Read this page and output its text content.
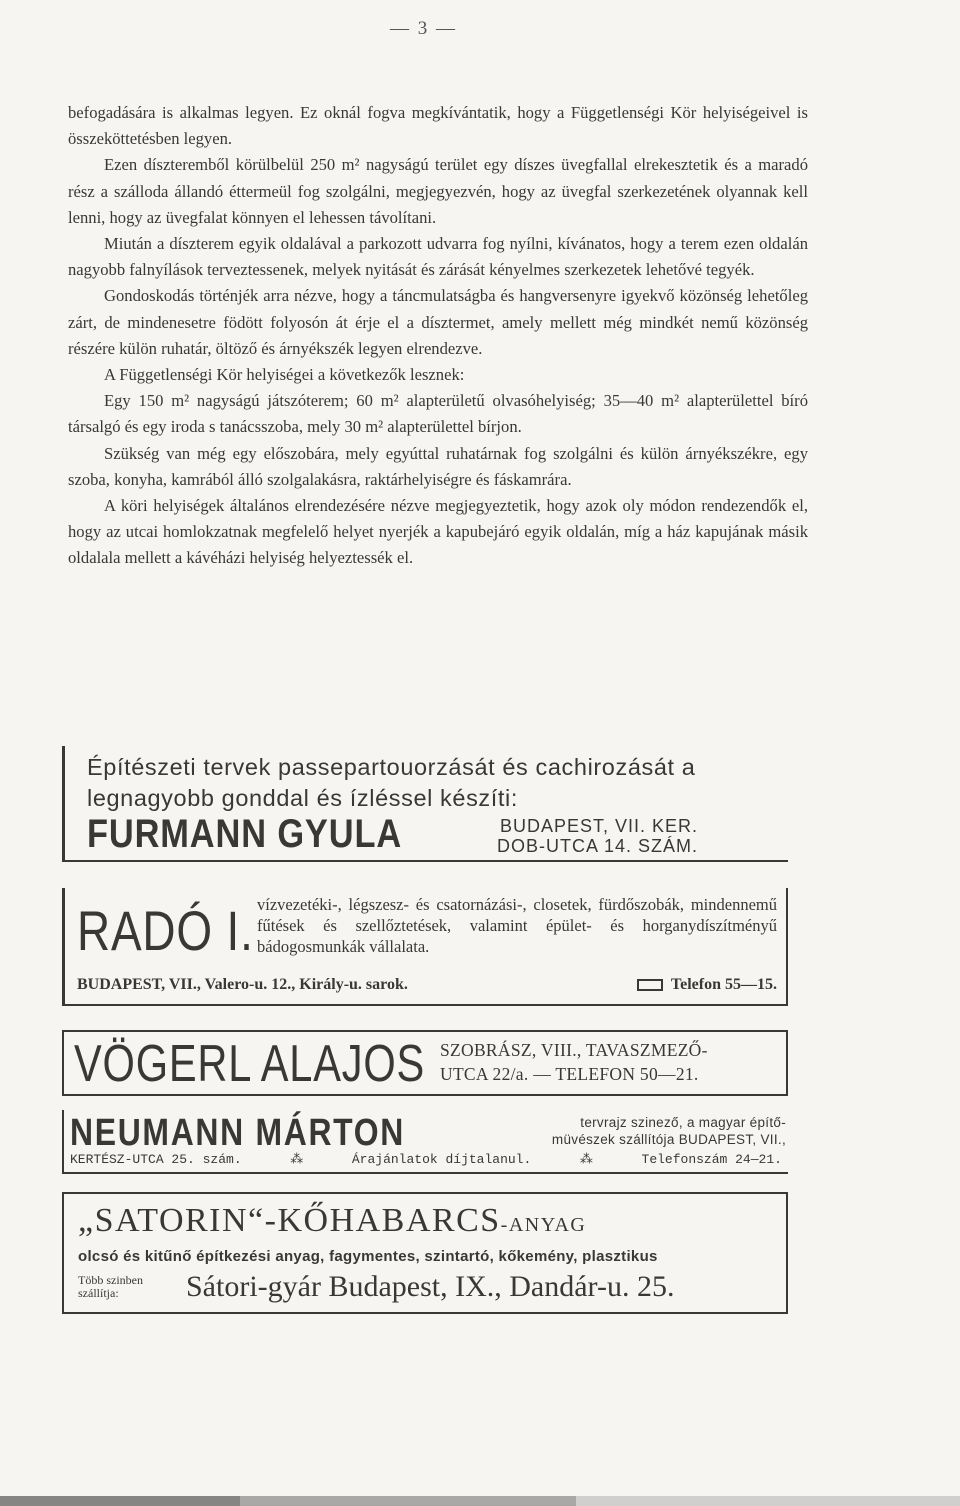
— 3 —

befogadására is alkalmas legyen. Ez oknál fogva megkívántatik, hogy a Függetlenségi Kör helyiségeivel is összeköttetésben legyen.

Ezen díszteremből körülbelül 250 m² nagyságú terület egy díszes üvegfallal elrekesztetik és a maradó rész a szálloda állandó éttermeül fog szolgálni, megjegyezvén, hogy az üvegfal szerkezetének olyannak kell lenni, hogy az üvegfalat könnyen el lehessen távolítani.

Miután a díszterem egyik oldalával a parkozott udvarra fog nyílni, kívánatos, hogy a terem ezen oldalán nagyobb falnyílások terveztessenek, melyek nyitását és zárását kényelmes szerkezetek lehetővé tegyék.

Gondoskodás történjék arra nézve, hogy a táncmulatságba és hangversenyre igyekvő közönség lehetőleg zárt, de mindenesetre födött folyosón át érje el a dísztermet, amely mellett még mindkét nemű közönség részére külön ruhatár, öltöző és árnyékszék legyen elrendezve.

A Függetlenségi Kör helyiségei a következők lesznek:

Egy 150 m² nagyságú játszóterem; 60 m² alapterületű olvasóhelyiség; 35—40 m² alapterülettel bíró társalgó és egy iroda s tanácsszoba, mely 30 m² alapterülettel bírjon.

Szükség van még egy előszobára, mely egyúttal ruhatárnak fog szolgálni és külön árnyékszékre, egy szoba, konyha, kamrából álló szolgalakásra, raktárhelyiségre és fáskamrára.

A köri helyiségek általános elrendezésére nézve megjegyeztetik, hogy azok oly módon rendezendők el, hogy az utcai homlokzatnak megfelelő helyet nyerjék a kapubejáró egyik oldalán, míg a ház kapujának másik oldalala mellett a kávéházi helyiség helyeztessék el.

Építészeti tervek passepartouorzását és cachirozását a legnagyobb gonddal és ízléssel készíti:
FURMANN GYULA	BUDAPEST, VII. KER.
DOB-UTCA 14. SZÁM.
RADÓ I. vízvezetéki-, légszesz- és csatornázási-, closetek, fürdőszobák, mindennemű fűtések és szellőztetések, valamint épület- és horganydíszítményű bádogosmunkák vállalata.
BUDAPEST, VII., Valero-u. 12., Király-u. sarok.	Telefon 55—15.
VÖGERL ALAJOS SZOBRÁSZ, VIII., TAVASZMEZŐ-
UTCA 22/a. — TELEFON 50—21.
NEUMANN MÁRTON	tervrajz szinező, a magyar építő-
müvészek szállítója BUDAPEST, VII.,
KERTÉSZ-UTCA 25. szám.	⁂	Árajánlatok díjtalanul.	⁂	Telefonszám 24—21.
„SATORIN“-KŐHABARCS-ANYAG
olcsó és kitűnő építkezési anyag, fagymentes, szintartó, kőkemény, plasztikus
Több szinben
szállítja:	Sátori-gyár Budapest, IX., Dandár-u. 25.
